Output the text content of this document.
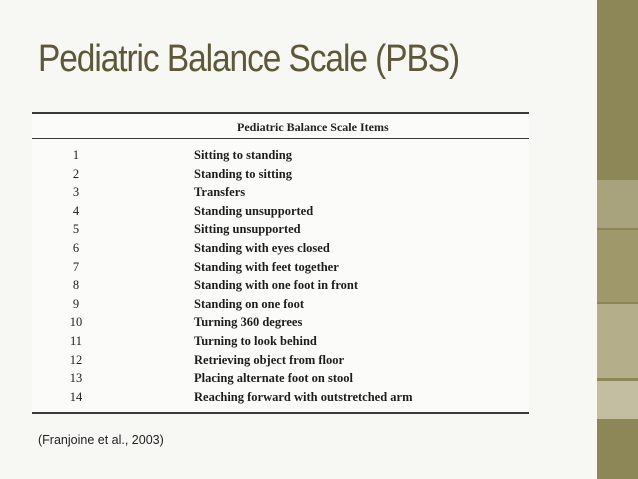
Pediatric Balance Scale (PBS)
Pediatric Balance Scale Items
1	Sitting to standing
2	Standing to sitting
3	Transfers
4	Standing unsupported
5	Sitting unsupported
6	Standing with eyes closed
7	Standing with feet together
8	Standing with one foot in front
9	Standing on one foot
10	Turning 360 degrees
11	Turning to look behind
12	Retrieving object from floor
13	Placing alternate foot on stool
14	Reaching forward with outstretched arm
(Franjoine et al., 2003)
